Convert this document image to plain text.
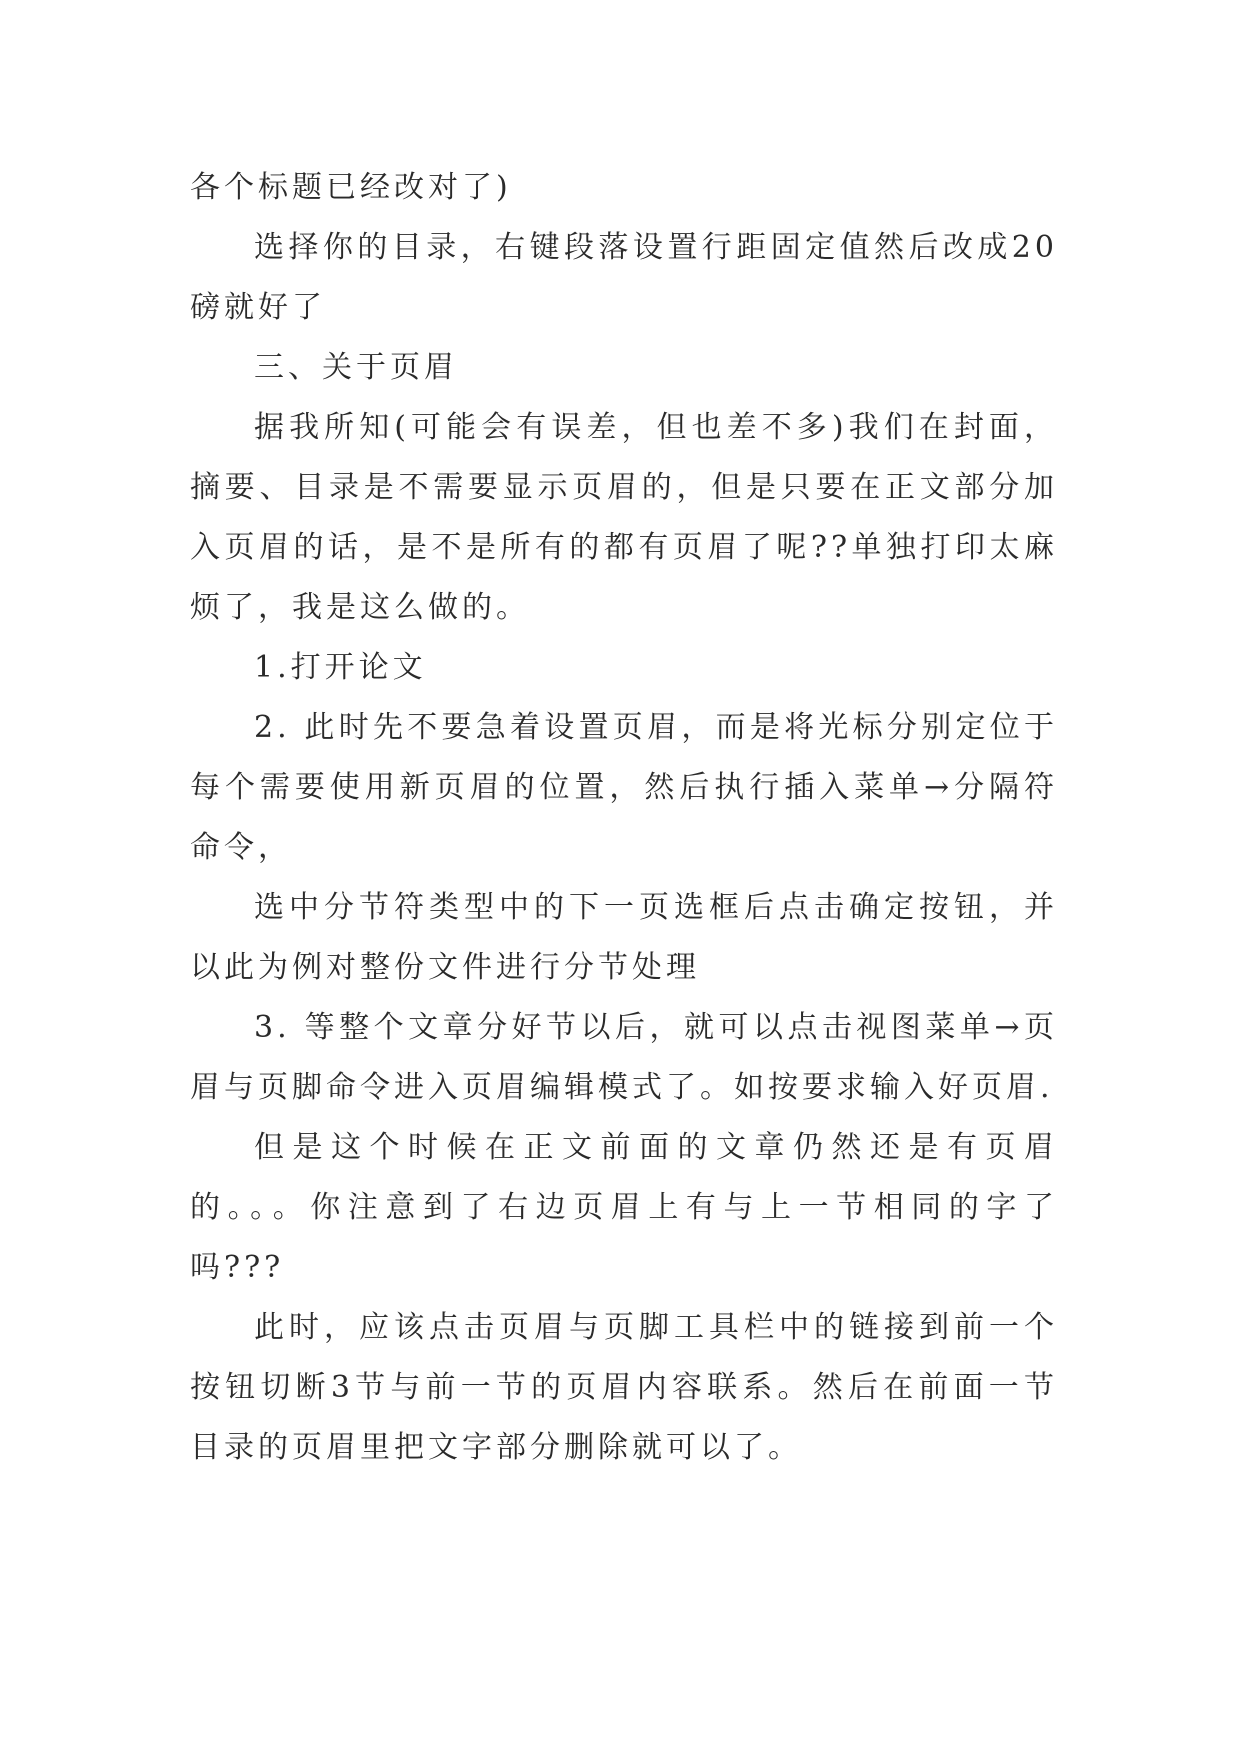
各个标题已经改对了)

选择你的目录，右键段落设置行距固定值然后改成20磅就好了

三、关于页眉

据我所知(可能会有误差，但也差不多)我们在封面，摘要、目录是不需要显示页眉的，但是只要在正文部分加入页眉的话，是不是所有的都有页眉了呢??单独打印太麻烦了，我是这么做的。

1.打开论文

2. 此时先不要急着设置页眉，而是将光标分别定位于每个需要使用新页眉的位置，然后执行插入菜单→分隔符命令，

选中分节符类型中的下一页选框后点击确定按钮，并以此为例对整份文件进行分节处理

3. 等整个文章分好节以后，就可以点击视图菜单→页眉与页脚命令进入页眉编辑模式了。如按要求输入好页眉.

但是这个时候在正文前面的文章仍然还是有页眉的。。。你注意到了右边页眉上有与上一节相同的字了吗???

此时，应该点击页眉与页脚工具栏中的链接到前一个按钮切断3节与前一节的页眉内容联系。然后在前面一节目录的页眉里把文字部分删除就可以了。
